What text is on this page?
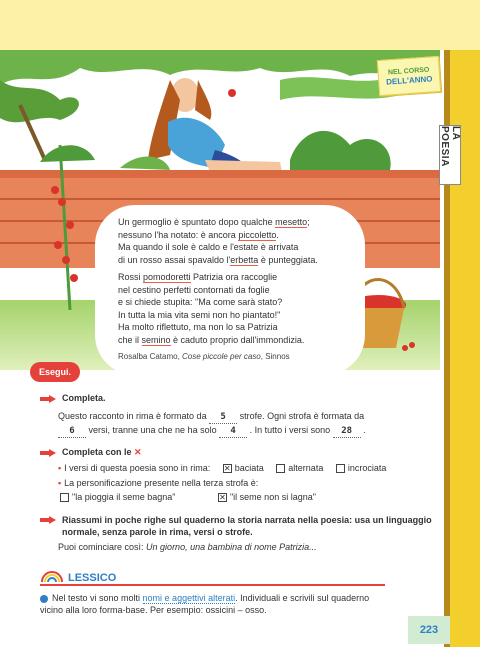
NEL CORSO
DELL'ANNO
LA POESIA

Un germoglio è spuntato dopo qualche mesetto;
nessuno l'ha notato: è ancora piccoletto.
Ma quando il sole è caldo e l'estate è arrivata
di un rosso assai spavaldo l'erbetta è punteggiata.

Rossi pomodoretti Patrizia ora raccoglie
nel cestino perfetti contornati da foglie
e si chiede stupita: "Ma come sarà stato?
In tutta la mia vita semi non ho piantato!"
Ha molto riflettuto, ma non lo sa Patrizia
che il semino è caduto proprio dall'immondizia.

Rosalba Catamo, Cose piccole per caso, Sinnos

Esegui.
Completa.
Questo racconto in rima è formato da 5 strofe. Ogni strofa è formata da
6 versi, tranne una che ne ha solo 4 . In tutto i versi sono 28 .
Completa con le ✕
• I versi di questa poesia sono in rima: ✕ baciata	alternata	incrociata
• La personificazione presente nella terza strofa è:
"la pioggia il seme bagna"	✕ "il seme non si lagna"
Riassumi in poche righe sul quaderno la storia narrata nella poesia: usa un linguaggio normale, senza parole in rima, versi o strofe.
Puoi cominciare così: Un giorno, una bambina di nome Patrizia...
LESSICO
Nel testo vi sono molti nomi e aggettivi alterati. Individuali e scrivili sul quaderno vicino alla loro forma-base. Per esempio: ossicini – osso.
223
